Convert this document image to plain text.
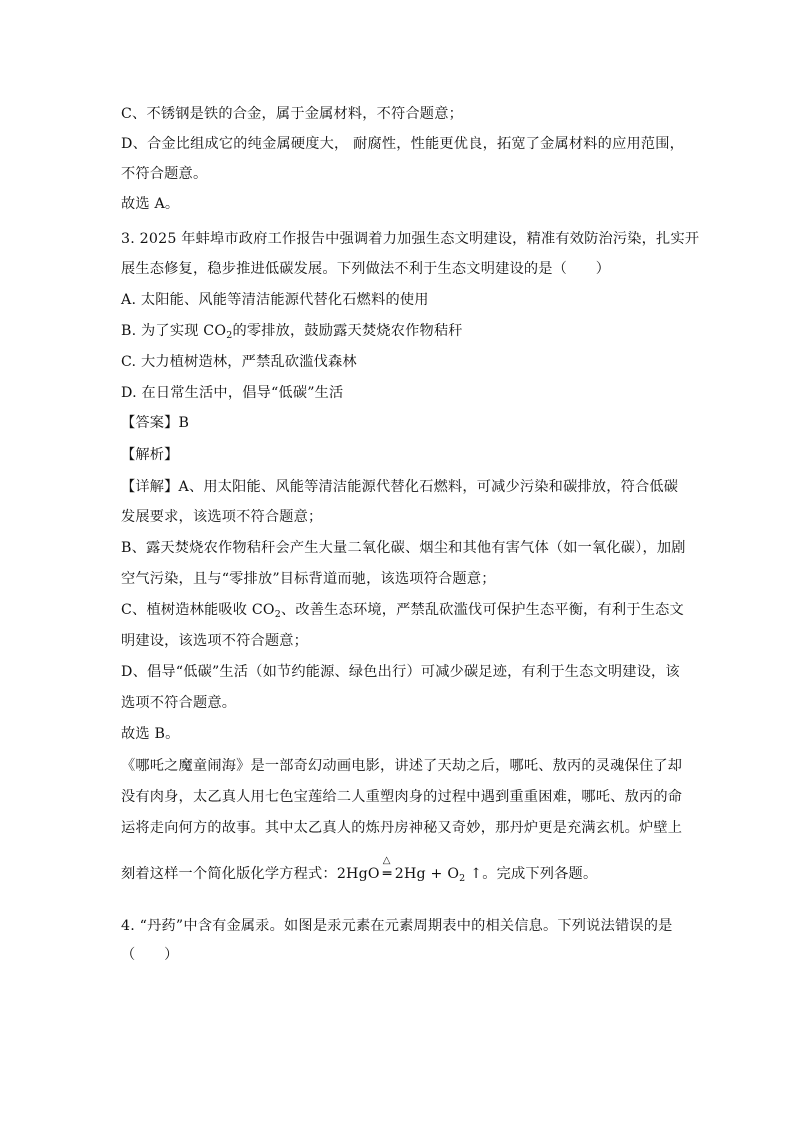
C、不锈钢是铁的合金，属于金属材料，不符合题意；
D、合金比组成它的纯金属硬度大， 耐腐性，性能更优良，拓宽了金属材料的应用范围，
不符合题意。
故选 A。
3. 2025 年蚌埠市政府工作报告中强调着力加强生态文明建设，精准有效防治污染，扎实开
展生态修复，稳步推进低碳发展。下列做法不利于生态文明建设的是（　　）
A. 太阳能、风能等清洁能源代替化石燃料的使用
B. 为了实现 $CO_2$的零排放，鼓励露天焚烧农作物秸秆
C. 大力植树造林，严禁乱砍滥伐森林
D. 在日常生活中，倡导“低碳”生活
【答案】B
【解析】
【详解】A、用太阳能、风能等清洁能源代替化石燃料，可减少污染和碳排放，符合低碳
发展要求，该选项不符合题意；
B、露天焚烧农作物秸秆会产生大量二氧化碳、烟尘和其他有害气体（如一氧化碳），加剧
空气污染，且与“零排放”目标背道而驰，该选项符合题意；
C、植树造林能吸收 $CO_2$、改善生态环境，严禁乱砍滥伐可保护生态平衡，有利于生态文
明建设，该选项不符合题意；
D、倡导“低碳”生活（如节约能源、绿色出行）可减少碳足迹，有利于生态文明建设，该
选项不符合题意。
故选 B。
《哪吒之魔童闹海》是一部奇幻动画电影，讲述了天劫之后，哪吒、敖丙的灵魂保住了却
没有肉身，太乙真人用七色宝莲给二人重塑肉身的过程中遇到重重困难，哪吒、敖丙的命
运将走向何方的故事。其中太乙真人的炼丹房神秘又奇妙，那丹炉更是充满玄机。炉壁上
刻着这样一个简化版化学方程式：2HgO
△
═ $2Hg + O_2$ ↑。完成下列各题。
4. “丹药”中含有金属汞。如图是汞元素在元素周期表中的相关信息。下列说法错误的是
（　　）
